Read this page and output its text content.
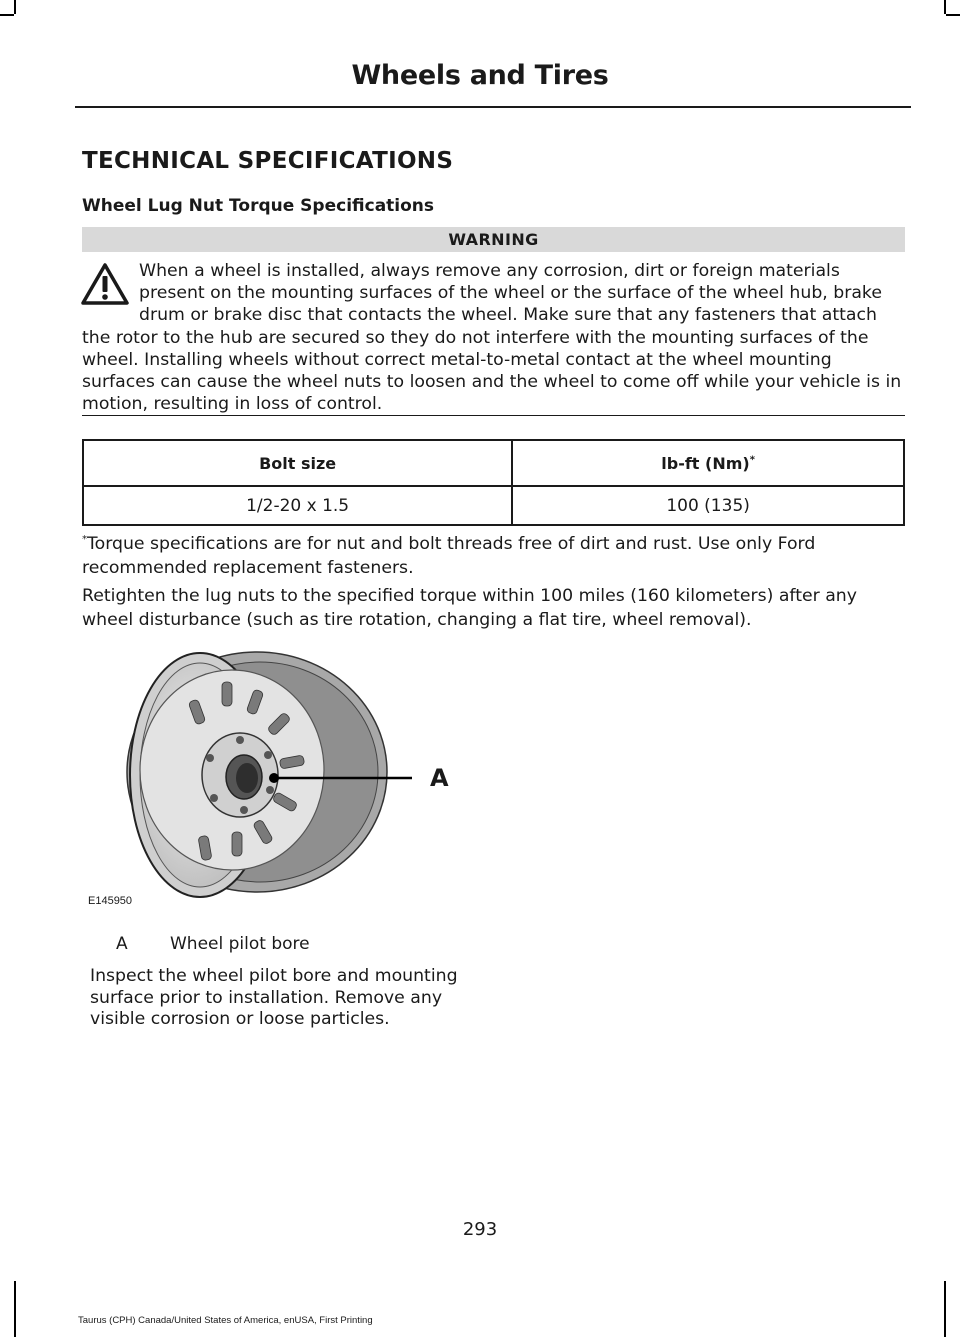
Wheels and Tires
TECHNICAL SPECIFICATIONS
Wheel Lug Nut Torque Specifications
WARNING

When a wheel is installed, always remove any corrosion, dirt or foreign materials present on the mounting surfaces of the wheel or the surface of the wheel hub, brake drum or brake disc that contacts the wheel. Make sure that any fasteners that attach the rotor to the hub are secured so they do not interfere with the mounting surfaces of the wheel. Installing wheels without correct metal-to-metal contact at the wheel mounting surfaces can cause the wheel nuts to loosen and the wheel to come off while your vehicle is in motion, resulting in loss of control.

Bolt size	lb-ft (Nm)*
1/2-20 x 1.5	100 (135)

*Torque specifications are for nut and bolt threads free of dirt and rust. Use only Ford recommended replacement fasteners.

Retighten the lug nuts to the specified torque within 100 miles (160 kilometers) after any wheel disturbance (such as tire rotation, changing a flat tire, wheel removal).

A
E145950
A Wheel pilot bore

Inspect the wheel pilot bore and mounting surface prior to installation. Remove any visible corrosion or loose particles.

293
Taurus (CPH) Canada/United States of America, enUSA, First Printing
